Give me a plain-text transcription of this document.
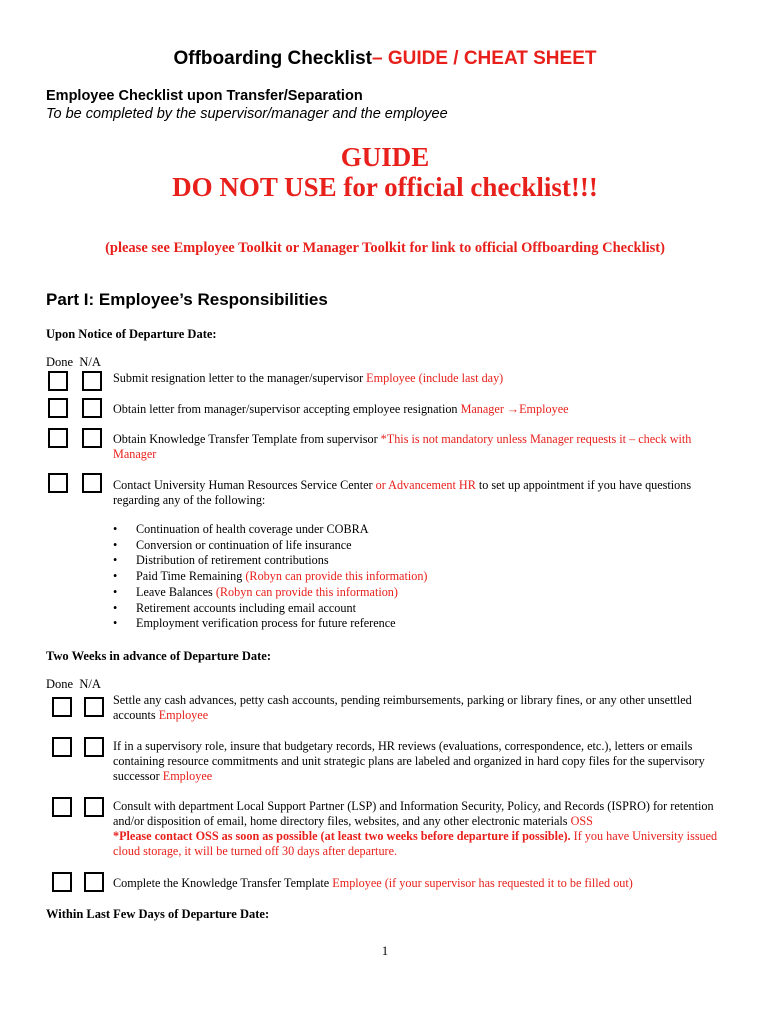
Offboarding Checklist– GUIDE / CHEAT SHEET
Employee Checklist upon Transfer/Separation
To be completed by the supervisor/manager and the employee
GUIDE
DO NOT USE for official checklist!!!
(please see Employee Toolkit or Manager Toolkit for link to official Offboarding Checklist)
Part I: Employee’s Responsibilities
Upon Notice of Departure Date:
Done N/A
Submit resignation letter to the manager/supervisor Employee (include last day)
Obtain letter from manager/supervisor accepting employee resignation Manager →Employee
Obtain Knowledge Transfer Template from supervisor *This is not mandatory unless Manager requests it – check with Manager
Contact University Human Resources Service Center or Advancement HR to set up appointment if you have questions regarding any of the following:
• Continuation of health coverage under COBRA
• Conversion or continuation of life insurance
• Distribution of retirement contributions
• Paid Time Remaining (Robyn can provide this information)
• Leave Balances (Robyn can provide this information)
• Retirement accounts including email account
• Employment verification process for future reference
Two Weeks in advance of Departure Date:
Done N/A
Settle any cash advances, petty cash accounts, pending reimbursements, parking or library fines, or any other unsettled accounts Employee
If in a supervisory role, insure that budgetary records, HR reviews (evaluations, correspondence, etc.), letters or emails containing resource commitments and unit strategic plans are labeled and organized in hard copy files for the supervisory successor Employee
Consult with department Local Support Partner (LSP) and Information Security, Policy, and Records (ISPRO) for retention and/or disposition of email, home directory files, websites, and any other electronic materials OSS
*Please contact OSS as soon as possible (at least two weeks before departure if possible). If you have University issued cloud storage, it will be turned off 30 days after departure.
Complete the Knowledge Transfer Template Employee (if your supervisor has requested it to be filled out)
Within Last Few Days of Departure Date:
1
